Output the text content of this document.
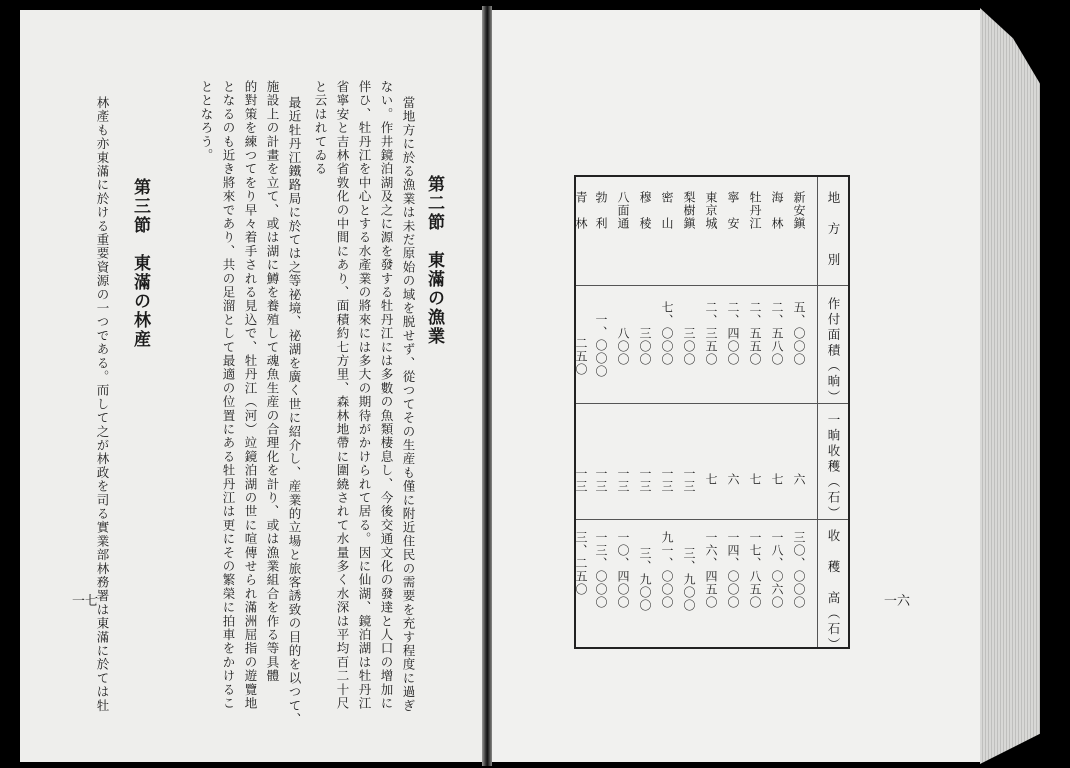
第二節　東滿の漁業
當地方に於る漁業は未だ原始の域を脱せず、從つてその生産も僅に附近住民の需要を充す程度に過ぎ
ない。作井鏡泊湖及之に源を發する牡丹江には多數の魚類棲息し、今後交通文化の發達と人口の增加に
伴ひ、牡丹江を中心とする水產業の將來には多大の期待がかけられて居る。因に仙湖、鏡泊湖は牡丹江
省寧安と吉林省敦化の中間にあり、面積約七方里、森林地帶に圍繞されて水量多く水深は平均百二十尺
と云はれてゐる
最近牡丹江鐵路局に於ては之等祕境、祕湖を廣く世に紹介し、産業的立場と旅客誘致の目的を以つて、
施設上の計畫を立て、或は湖に鱒を養殖して魂魚生産の合理化を計り、或は漁業組合を作る等具體
的對策を練つてをり早々着手される見込で、牡丹江（河）竝鏡泊湖の世に喧傳せられ滿洲屈指の遊覽地
となるのも近き將來であり、共の足溜として最適の位置にある牡丹江は更にその繁榮に拍車をかけるこ
ととなろう。
第三節　東滿の林産
林產も亦東滿に於ける重要資源の一つである。而して之が林政を司る實業部林務署は東滿に於ては牡
一七	一六
地　方　別
作付面積（晌）
一晌收穫（石）
收　穫　高（石）
新安鎭
五、〇〇〇
六
三〇、〇〇〇
海　林
二、五八〇
七
一八、〇六〇
牡丹江
二、五五〇
七
一七、八五〇
寧　安
二、四〇〇
六
一四、〇〇〇
東京城
二、三五〇
七
一六、四五〇
梨樹鎭
三〇〇
一三
三、九〇〇
密　山
七、〇〇〇
一三
九一、〇〇〇
穆　稜
三〇〇
一三
三、九〇〇
八面通
八〇〇
一三
一〇、四〇〇
勃　利
一、〇〇〇
一三
一三、〇〇〇
青　林
二五〇
一三
三、二五〇
